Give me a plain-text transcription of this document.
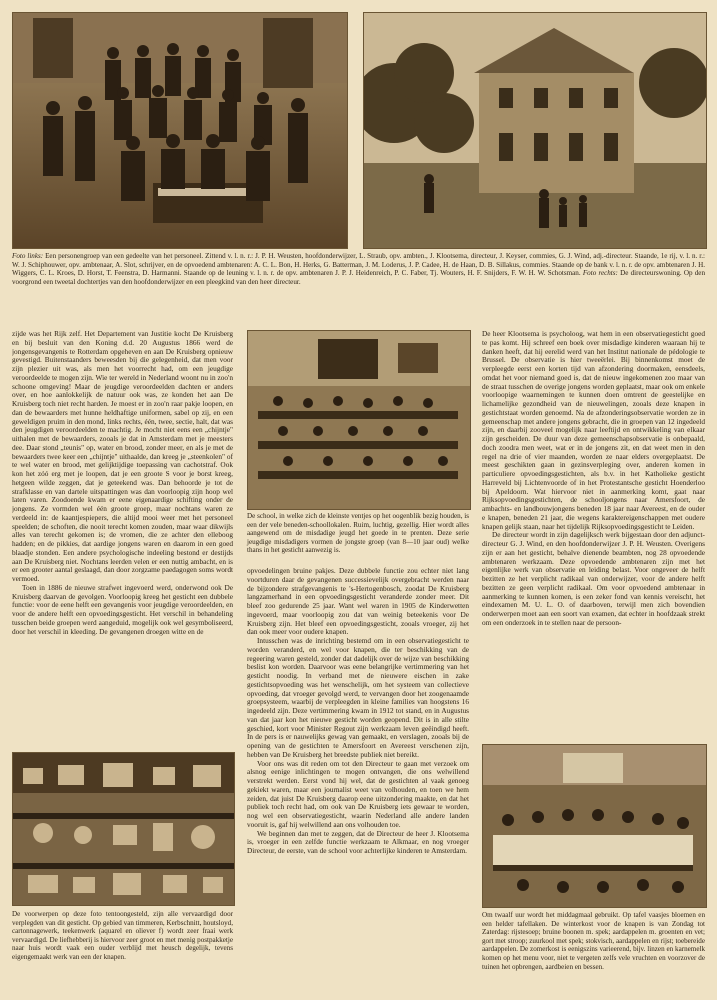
Foto links: Een personengroep van een gedeelte van het personeel. Zittend v. l. n. r.: J. P. H. Weusten, hoofdonderwijzer, L. Straub, opv. ambten., J. Klootsema, directeur, J. Keyser, commies, G. J. Wind, adj.-directeur. Staande, 1e rij, v. l. n. r.: W. J. Schiphouwer, opv. ambtenaar, A. Slot, schrijver, en de opvoedend ambtenaren: A. C. L. Bon, H. Herks, G. Batterman, J. M. Loderus, J. P. Cadee, H. de Haan, D. B. Sillakus, commies. Staande op de bank v. l. n. r. de opv. ambtenaren J. H. Wiggers, C. L. Kroes, D. Horst, T. Feenstra, D. Harmanni. Staande op de leuning v. l. n. r. de opv. ambtenaren J. P. J. Heidenreich, P. C. Faber, Tj. Wouters, H. F. Snijders, F. W. H. W. Schotsman. Foto rechts: De directeurswoning. Op den voorgrond een tweetal dochtertjes van den hoofdonderwijzer en een pleegkind van den heer directeur.

zijde was het Rijk zelf. Het Departement van Justitie kocht De Kruisberg en bij besluit van den Koning d.d. 20 Augustus 1866 werd de jongensgevangenis te Rotterdam opgeheven en aan De Kruisberg opnieuw gevestigd. Buitenstaanders beweesden bij die gelegenheid, dat men voor zijn plezier uit was, als men het voorrecht had, om een jeugdige veroordeelde te mogen zijn. Wie ter wereld in Nederland woont nu in zoo'n schoone omgeving! Maar de jeugdige veroordeelden dachten er anders over, en hoe aanlokkelijk de natuur ook was, ze konden het aan De Kruisberg toch niet recht harden. Je moest er in zoo'n raar pakje loopen, en dan de bewaarders met hunne heldhaftige uniformen, sabel op zij, en een geweldigen pruim in den mond, links rechts, één, twee, sectie, halt, dat was den jeugdigen veroordeelden te machtig. Je mocht niet eens een „chijntje" uithalen met de bewaarders, zooals je dat in Amsterdam met je meesters dee. Daar stond „teunis" op, water en brood, zonder meer, en als je met de bewaarders twee keer een „chijntje" uithaalde, dan kreeg je „steenkolen" of te wel water en brood, met gelijktijdige toepassing van cachotstraf. Ook kon het zóó erg met je loopen, dat je een groote S voor je borst kreeg, hetgeen wilde zeggen, dat je geteekend was. Dan behoorde je tot de strafklasse en van dartele uitspattingen was dan voorloopig zijn hoop wel laten varen. Zoodoende kwam er eene eigenaardige schifting onder de jongens. Ze vormden wel één groote groep, maar nochtans waren ze verdeeld in: de kaantjespiepers, die altijd mooi weer met het personeel speelden; de schoften, die nooit terecht komen zouden, maar waar dikwijls alles van terecht gekomen is; de vromen, die ze achter den elleboog hadden; en de pikkies, dat aardige jongens waren en daarom in een goed blaadje stonden. Een andere psychologische indeeling bestond er destijds aan De Kruisberg niet. Nochtans leerden velen er een nuttig ambacht, en is er een grooter aantal geslaagd, dan door zorgzame paedagogen soms wordt vermoed.

Toen in 1886 de nieuwe strafwet ingevoerd werd, onderwond ook De Kruisberg daarvan de gevolgen. Voorloopig kreeg het gesticht een dubbele functie: voor de eene helft een gevangenis voor jeugdige veroordeelden, en voor de andere helft een opvoedingsgesticht. Het verschil in behandeling tusschen beide groepen werd aangeduid, mogelijk ook wel gesymboliseerd, door het verschil in kleeding. De gevangenen droegen witte en de

De voorwerpen op deze foto tentoongesteld, zijn alle vervaardigd door verplegden van dit gesticht. Op gebied van timmeren, Kerbschnitt, houtsloyd, cartonnagewerk, teekenwerk (aquarel en oliever f) wordt zeer fraai werk vervaardigd. De liefhebberij is hiervoor zeer groot en met menig postpakketje naar huis wordt vaak een ouder verblijd met heusch degelijk, tevens eigengemaakt werk van een der knapen.
De school, in welke zich de kleinste ventjes op het oogenblik bezig houden, is een der vele beneden-schoollokalen. Ruim, luchtig, gezellig. Hier wordt alles aangewend om de misdadige jeugd het goede in te prenten. Deze serie jeugdige misdadigers vormen de jongste groep (van 8—10 jaar oud) welke thans in het gesticht aanwezig is.

opvoedelingen bruine pakjes. Deze dubbele functie zou echter niet lang voortduren daar de gevangenen successievelijk overgebracht werden naar de bijzondere strafgevangenis te 's-Hertogenbosch, zoodat De Kruisberg langzamerhand in een opvoedingsgesticht veranderde zonder meer. Dit bleef zoo gedurende 25 jaar. Want wel waren in 1905 de Kinderwetten ingevoerd, maar voorloopig zou dat van weinig beteekenis voor De Kruisberg zijn. Het bleef een opvoedingsgesticht, zooals vroeger, zij het dan ook meer voor oudere knapen.

Intusschen was de inrichting bestemd om in een observatiegesticht te worden veranderd, en wel voor knapen, die ter beschikking van de regeering waren gesteld, zonder dat dadelijk over de wijze van beschikking beslist kon worden. Daarvoor was eene belangrijke vertimmering van het gesticht noodig. In verband met de nieuwere eischen in zake gestichtsopvoeding was het wenschelijk, om het systeem van collectieve opvoeding, dat vroeger gevolgd werd, te vervangen door het zoogenaamde groepsysteem, waarbij de verpleegden in kleine families van hoogstens 16 ingedeeld zijn. Deze vertimmering kwam in 1912 tot stand, en in Augustus van dat jaar kon het nieuwe gesticht worden geopend. Dit is in alle stilte geschied, kort voor Minister Regout zijn werkzaam leven geëindigd heeft. In de pers is er nauwelijks gewag van gemaakt, en verslagen, zooals bij de opening van de gestichten te Amersfoort en Avereest verschenen zijn, hebben van De Kruisberg het breedste publiek niet bereikt.

Voor ons was dit reden om tot den Directeur te gaan met verzoek om alsnog eenige inlichtingen te mogen ontvangen, die ons welwillend verstrekt werden. Eerst vond hij wel, dat de gestichten al vaak genoeg gekiekt waren, maar een journalist weet van volhouden, en toen we hem zeiden, dat juist De Kruisberg daarop eene uitzondering maakte, en dat het publiek toch recht had, om ook van De Kruisberg iets gewaar te worden, nog wel een observatiegesticht, waarin Nederland alle andere landen vooruit is, gaf hij welwillend aan ons volhouden toe.

We beginnen dan met te zeggen, dat de Directeur de heer J. Klootsema is, vroeger in een zelfde functie werkzaam te Alkmaar, en nog vroeger Directeur, de eerste, van de school voor achterlijke kinderen te Amsterdam.

De heer Klootsema is psycholoog, wat hem in een observatiegesticht goed te pas komt. Hij schreef een boek over misdadige kinderen waaraan hij te danken heeft, dat hij eerelid werd van het Institut nationale de pédologie te Brussel. De observatie is hier tweeërlei. Bij binnenkomst moet de verpleegde eerst een korten tijd van afzondering doormaken, eensdeels, omdat het voor niemand goed is, dat de nieuw ingekomenen zoo maar van de straat tusschen de overige jongens worden geplaatst, maar ook om enkele voorloopige waarnemingen te kunnen doen omtrent de geestelijke en lichamelijke gezondheid van de nieuwelingen, zooals deze knapen in gestichtstaat worden genoemd. Na de afzonderingsobservatie worden ze in gemeenschap met andere jongens gebracht, die in groepen van 12 ingedeeld zijn, en daarbij zooveel mogelijk naar leeftijd en ontwikkeling van elkaar zijn gescheiden. De duur van deze gemeenschapsobservatie is onbepaald, doch zoodra men weet, wat er in de jongens zit, en dat weet men in den regel na drie of vier maanden, worden ze naar elders overgeplaatst. De meest geschikten gaan in gezinsverpleging over, anderen komen in particuliere opvoedingsgestichten, als b.v. in het Katholieke gesticht Harreveld bij Lichtenvoorde of in het Protestantsche gesticht Hoenderloo bij Apeldoorn. Wat hiervoor niet in aanmerking komt, gaat naar Rijksopvoedingsgestichten, de schooljongens naar Amersfoort, de ambachts- en landbouwjongens beneden 18 jaar naar Avereest, en de ouder e knapen, beneden 21 jaar, die wegens karaktereigenschappen met oudere knapen gelijk staan, naar het tijdelijk Rijksopvoedingsgesticht te Leiden.

De directeur wordt in zijn dagelijksch werk bijgestaan door den adjunct-directeur G. J. Wind, en den hoofdonderwijzer J. P. H. Weusten. Overigens zijn er aan het gesticht, behalve dienende beambten, nog 28 opvoedende ambtenaren werkzaam. Deze opvoedende ambtenaren zijn met het eigenlijke werk van observatie en leiding belast. Voor ongeveer de helft bezitten ze het verplicht radikaal van onderwijzer, voor de andere helft bezitten ze geen verplicht radikaal. Om voor opvoedend ambtenaar in aanmerking te kunnen komen, is een zeker fond van kennis vereischt, het eindexamen M. U. L. O. of daarboven, terwijl men zich bovendien onderwerpen moet aan een soort van examen, dat echter in hoofdzaak strekt om een onderzoek in te stellen naar de persoon-

Om twaalf uur wordt het middagmaal gebruikt. Op tafel vaasjes bloemen en een helder tafellaken. De winterkost voor de knapen is van Zondag tot Zaterdag: rijstesoep; bruine boonen m. spek; aardappelen m. groenten en vet; gort met stroop; zuurkool met spek; stokvisch, aardappelen en rijst; toebereide aardappelen. De zomerkost is eenigszins varieerend, bijv. linzen en karnemelk komen op het menu voor, niet te vergeten zelfs vele vruchten en voorzover de tuinen het opbrengen, aardbeien en bessen.
